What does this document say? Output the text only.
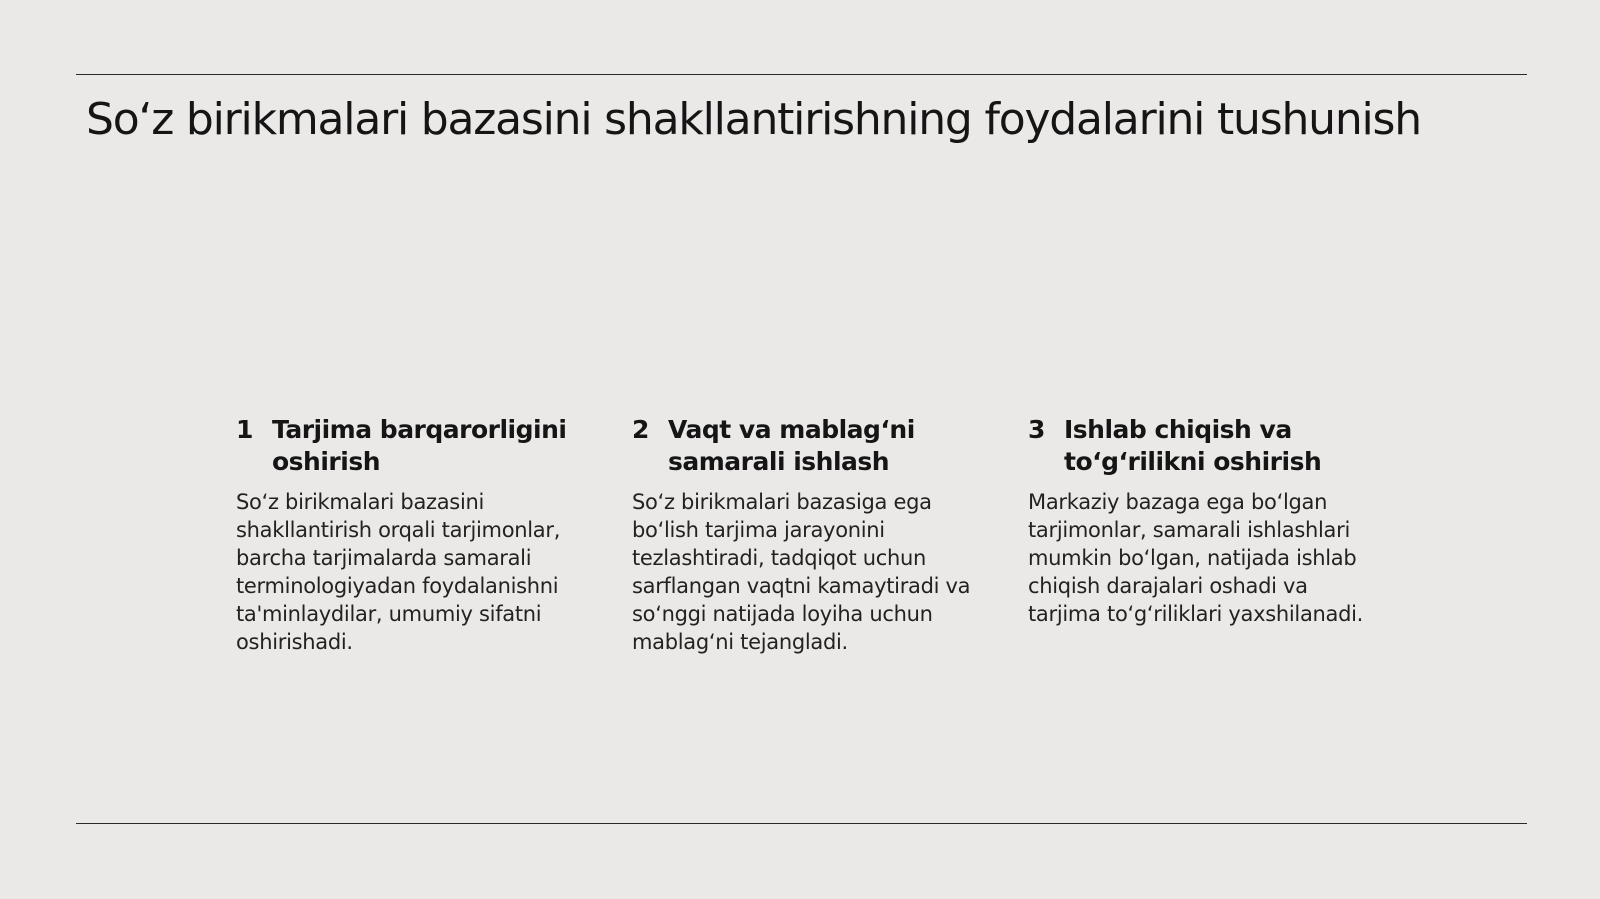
So‘z birikmalari bazasini shakllantirishning foydalarini tushunish
1 Tarjima barqarorligini oshirish

So‘z birikmalari bazasini shakllantirish orqali tarjimonlar, barcha tarjimalarda samarali terminologiyadan foydalanishni ta'minlaydilar, umumiy sifatni oshirishadi.

2 Vaqt va mablag‘ni samarali ishlash

So‘z birikmalari bazasiga ega bo‘lish tarjima jarayonini tezlashtiradi, tadqiqot uchun sarflangan vaqtni kamaytiradi va so‘nggi natijada loyiha uchun mablag‘ni tejangladi.

3 Ishlab chiqish va to‘g‘rilikni oshirish

Markaziy bazaga ega bo‘lgan tarjimonlar, samarali ishlashlari mumkin bo‘lgan, natijada ishlab chiqish darajalari oshadi va tarjima to‘g‘riliklari yaxshilanadi.
